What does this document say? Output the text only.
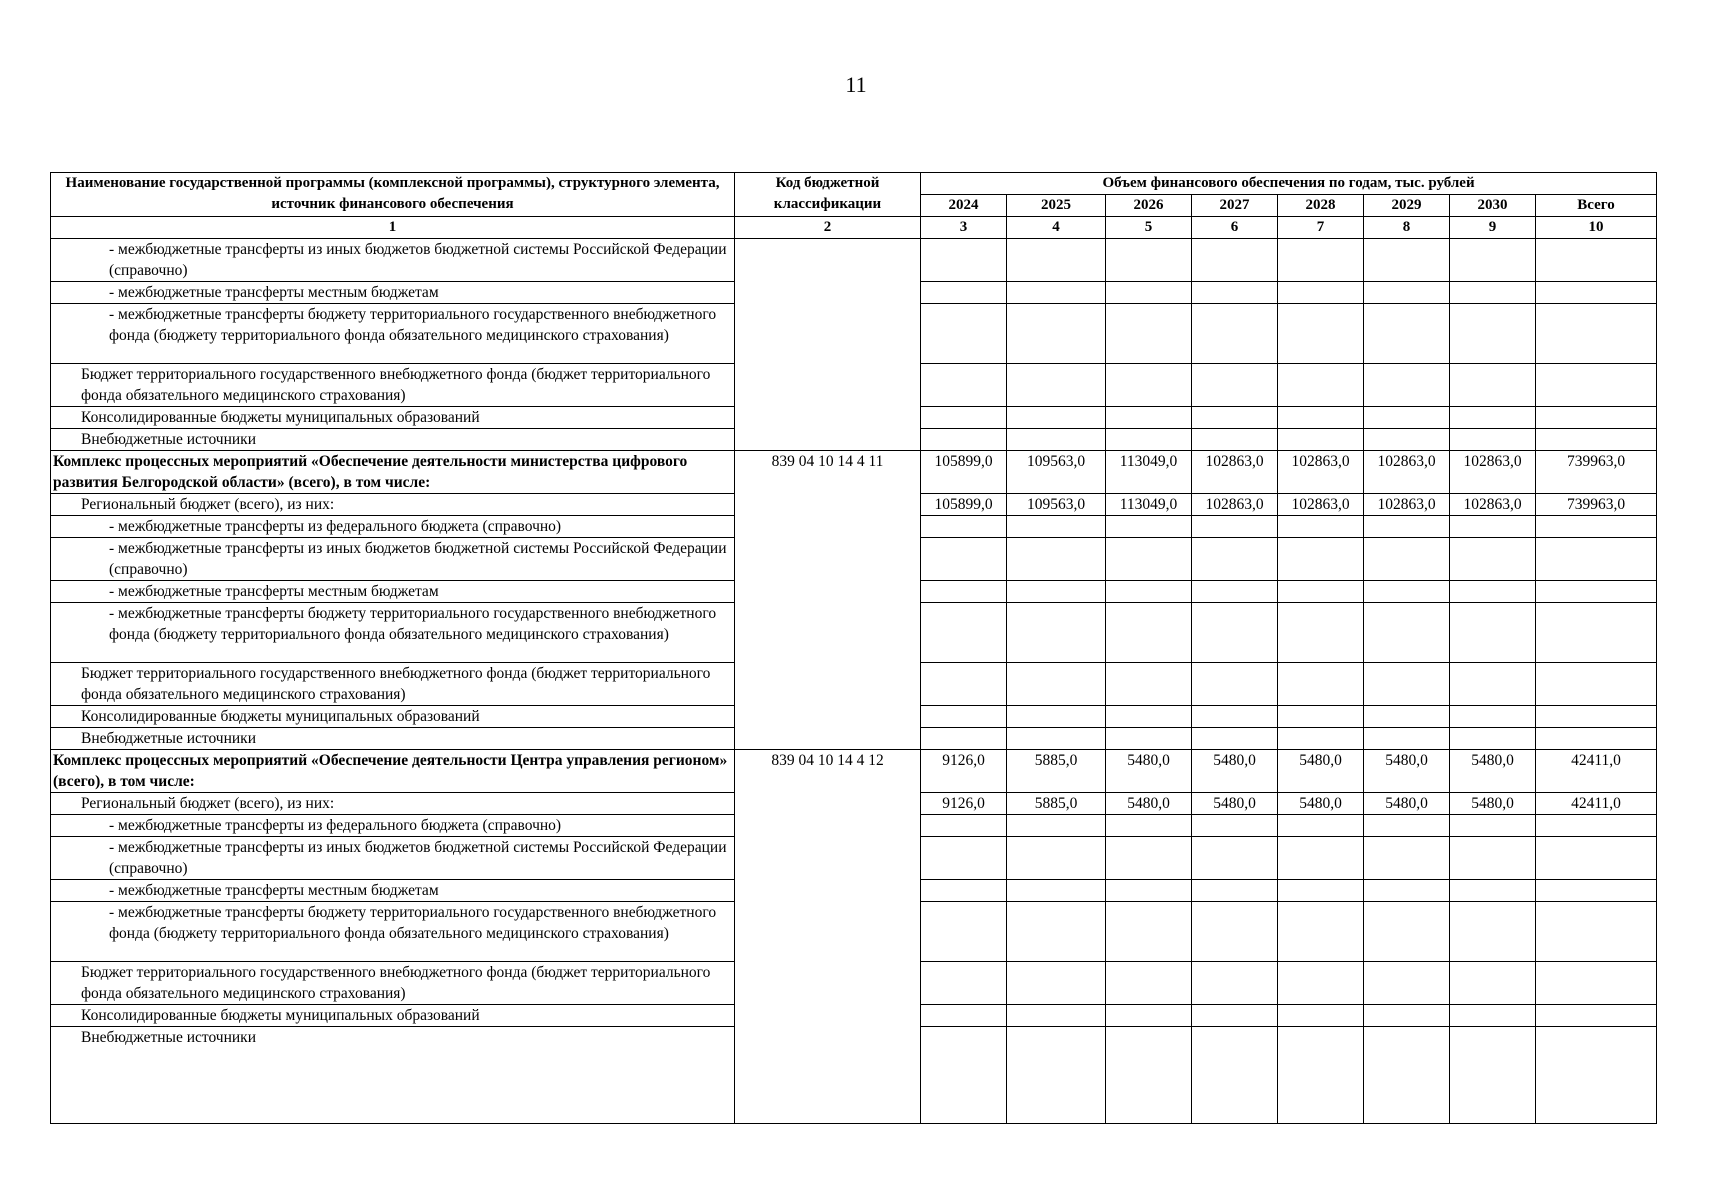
11
Наименование государственной программы (комплексной программы), структурного элемента, источник финансового обеспечения	Код бюджетной классификации	Объем финансового обеспечения по годам, тыс. рублей							
		2024	2025	2026	2027	2028	2029	2030	Всего
1	2	3	4	5	6	7	8	9	10
- межбюджетные трансферты из иных бюджетов бюджетной системы Российской Федерации (справочно)									
- межбюджетные трансферты местным бюджетам									
- межбюджетные трансферты бюджету территориального государственного внебюджетного фонда (бюджету территориального фонда обязательного медицинского страхования)									
Бюджет территориального государственного внебюджетного фонда (бюджет территориального фонда обязательного медицинского страхования)									
Консолидированные бюджеты муниципальных образований									
Внебюджетные источники									
Комплекс процессных мероприятий «Обеспечение деятельности министерства цифрового развития Белгородской области» (всего), в том числе:	839 04 10 14 4 11	105899,0	109563,0	113049,0	102863,0	102863,0	102863,0	102863,0	739963,0
Региональный бюджет (всего), из них:		105899,0	109563,0	113049,0	102863,0	102863,0	102863,0	102863,0	739963,0
- межбюджетные трансферты из федерального бюджета (справочно)									
- межбюджетные трансферты из иных бюджетов бюджетной системы Российской Федерации (справочно)									
- межбюджетные трансферты местным бюджетам									
- межбюджетные трансферты бюджету территориального государственного внебюджетного фонда (бюджету территориального фонда обязательного медицинского страхования)									
Бюджет территориального государственного внебюджетного фонда (бюджет территориального фонда обязательного медицинского страхования)									
Консолидированные бюджеты муниципальных образований									
Внебюджетные источники									
Комплекс процессных мероприятий «Обеспечение деятельности Центра управления регионом» (всего), в том числе:	839 04 10 14 4 12	9126,0	5885,0	5480,0	5480,0	5480,0	5480,0	5480,0	42411,0
Региональный бюджет (всего), из них:		9126,0	5885,0	5480,0	5480,0	5480,0	5480,0	5480,0	42411,0
- межбюджетные трансферты из федерального бюджета (справочно)									
- межбюджетные трансферты из иных бюджетов бюджетной системы Российской Федерации (справочно)									
- межбюджетные трансферты местным бюджетам									
- межбюджетные трансферты бюджету территориального государственного внебюджетного фонда (бюджету территориального фонда обязательного медицинского страхования)									
Бюджет территориального государственного внебюджетного фонда (бюджет территориального фонда обязательного медицинского страхования)									
Консолидированные бюджеты муниципальных образований									
Внебюджетные источники									
